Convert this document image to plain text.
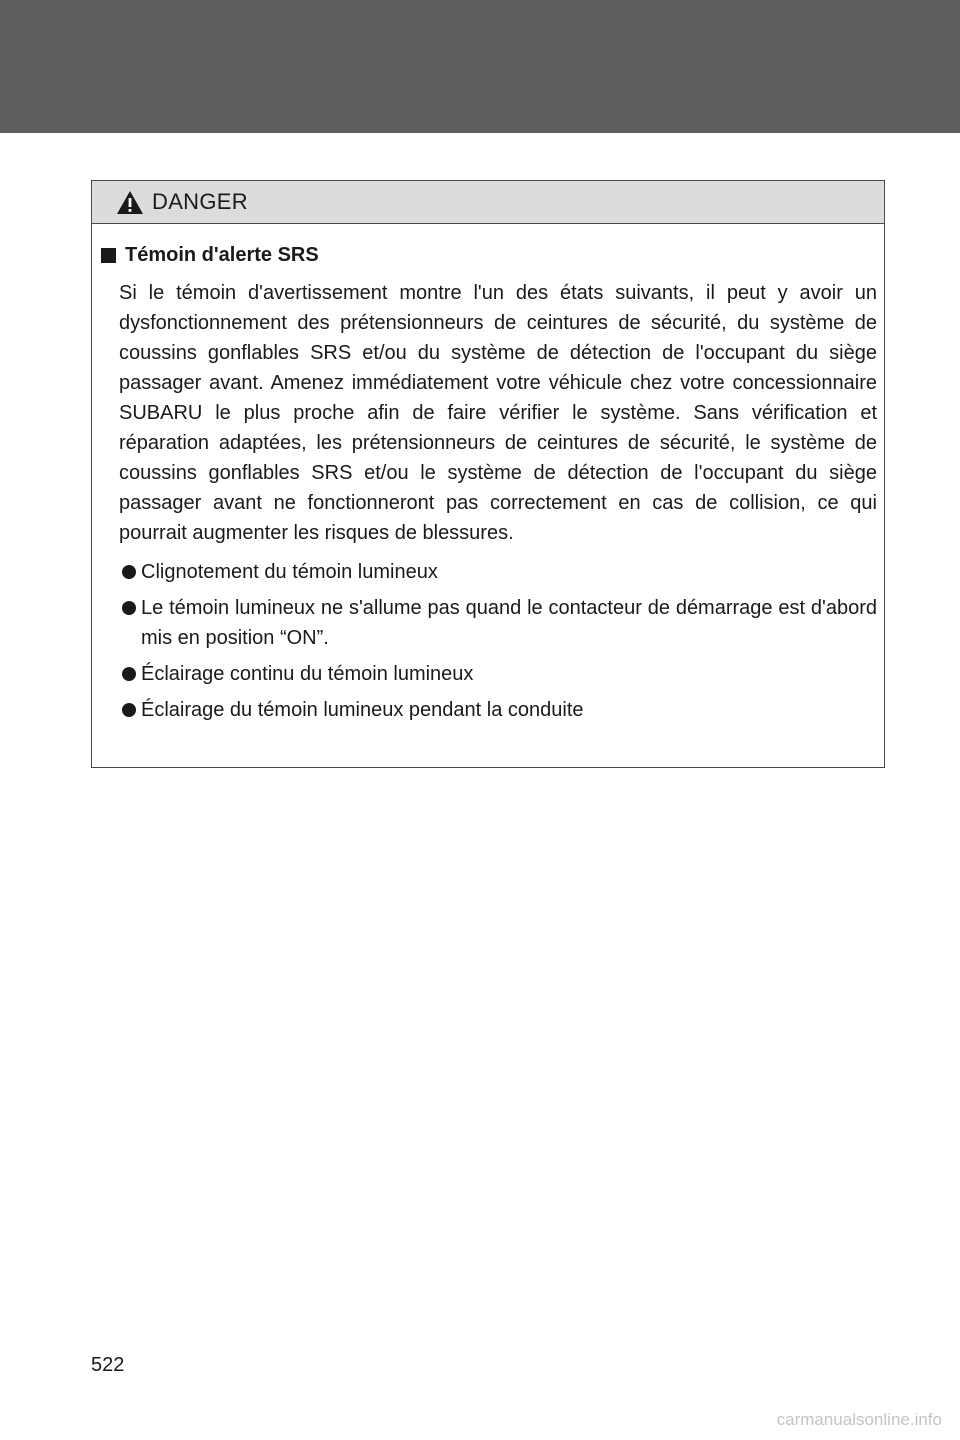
DANGER
Témoin d'alerte SRS

Si le témoin d'avertissement montre l'un des états suivants, il peut y avoir un dysfonctionnement des prétensionneurs de ceintures de sécurité, du système de coussins gonflables SRS et/ou du système de détection de l'occupant du siège passager avant. Amenez immédiatement votre véhicule chez votre concessionnaire SUBARU le plus proche afin de faire vérifier le système. Sans vérification et réparation adaptées, les prétensionneurs de ceintures de sécurité, le système de coussins gonflables SRS et/ou le système de détection de l'occupant du siège passager avant ne fonctionneront pas correctement en cas de collision, ce qui pourrait augmenter les risques de blessures.

Clignotement du témoin lumineux
Le témoin lumineux ne s'allume pas quand le contacteur de démarrage est d'abord mis en position “ON”.
Éclairage continu du témoin lumineux
Éclairage du témoin lumineux pendant la conduite
522
carmanualsonline.info
